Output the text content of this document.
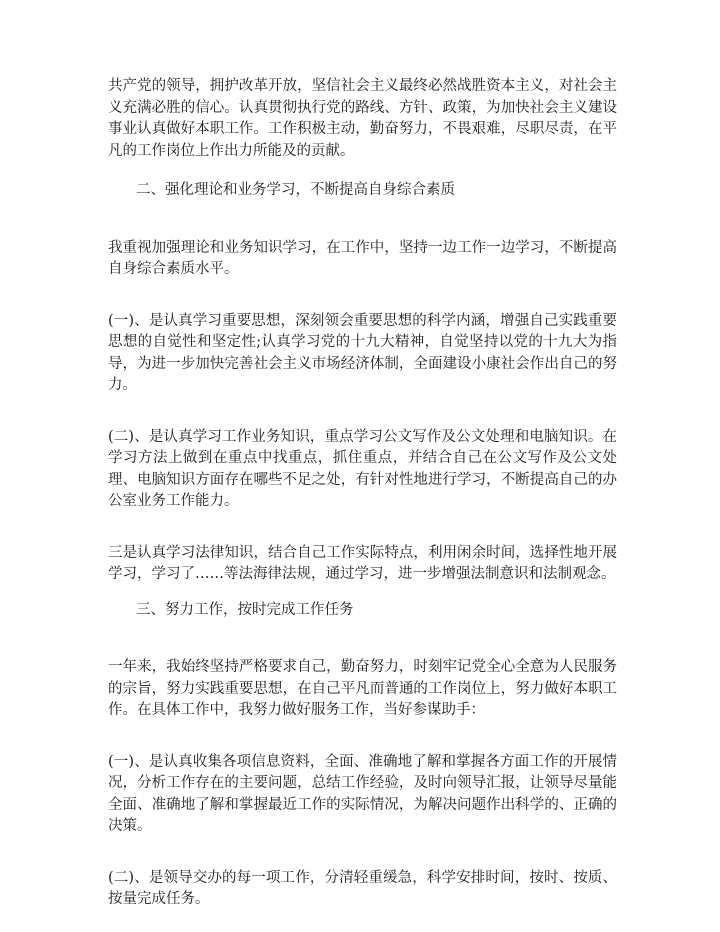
共产党的领导，拥护改革开放，坚信社会主义最终必然战胜资本主义，对社会主义充满必胜的信心。认真贯彻执行党的路线、方针、政策，为加快社会主义建设事业认真做好本职工作。工作积极主动，勤奋努力，不畏艰难，尽职尽责，在平凡的工作岗位上作出力所能及的贡献。

二、强化理论和业务学习，不断提高自身综合素质

我重视加强理论和业务知识学习，在工作中，坚持一边工作一边学习，不断提高自身综合素质水平。

(一)、是认真学习重要思想，深刻领会重要思想的科学内涵，增强自己实践重要思想的自觉性和坚定性;认真学习党的十九大精神，自觉坚持以党的十九大为指导，为进一步加快完善社会主义市场经济体制，全面建设小康社会作出自己的努力。

(二)、是认真学习工作业务知识，重点学习公文写作及公文处理和电脑知识。在学习方法上做到在重点中找重点，抓住重点，并结合自己在公文写作及公文处理、电脑知识方面存在哪些不足之处，有针对性地进行学习，不断提高自己的办公室业务工作能力。

三是认真学习法律知识，结合自己工作实际特点，利用闲余时间，选择性地开展学习，学习了……等法海律法规，通过学习，进一步增强法制意识和法制观念。

三、努力工作，按时完成工作任务

一年来，我始终坚持严格要求自己，勤奋努力，时刻牢记党全心全意为人民服务的宗旨，努力实践重要思想，在自己平凡而普通的工作岗位上，努力做好本职工作。在具体工作中，我努力做好服务工作，当好参谋助手：

(一)、是认真收集各项信息资料，全面、准确地了解和掌握各方面工作的开展情况，分析工作存在的主要问题，总结工作经验，及时向领导汇报，让领导尽量能全面、准确地了解和掌握最近工作的实际情况，为解决问题作出科学的、正确的决策。

(二)、是领导交办的每一项工作，分清轻重缓急，科学安排时间，按时、按质、按量完成任务。
